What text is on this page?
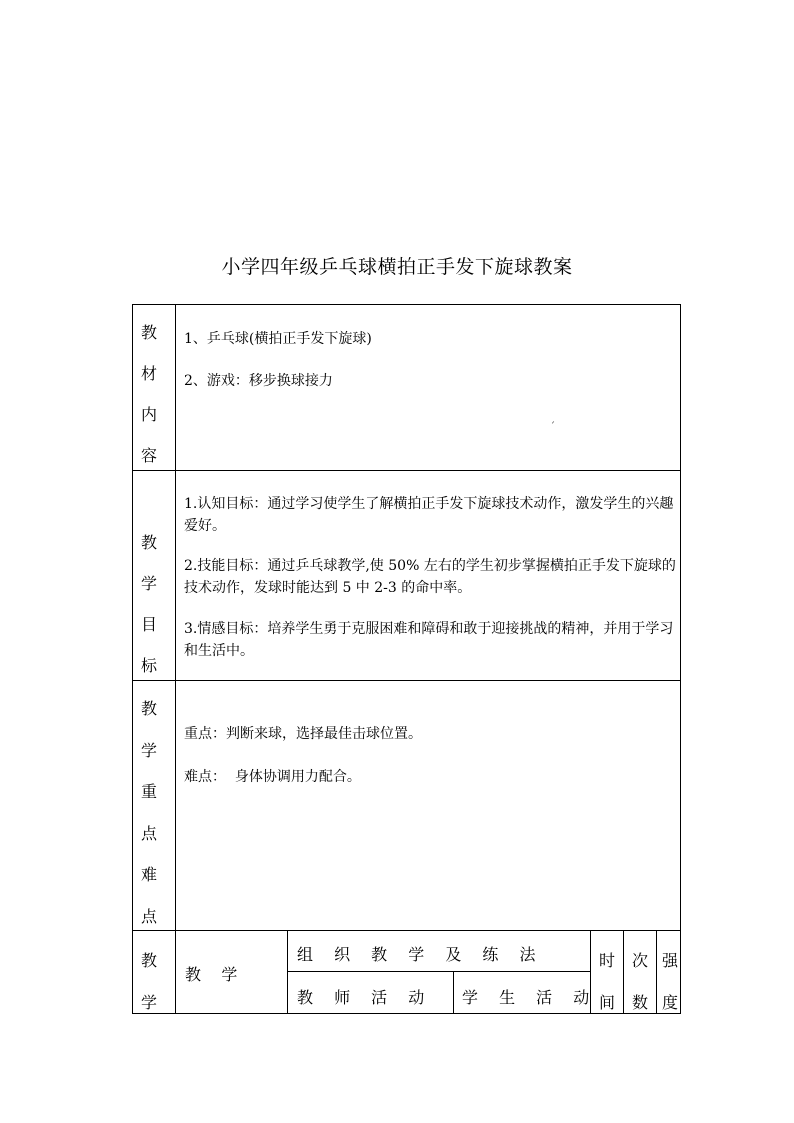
小学四年级乒乓球横拍正手发下旋球教案
教
材
内
容
1、乒乓球(横拍正手发下旋球)
2、游戏：移步换球接力
ˊ
教
学
目
标
1.认知目标：通过学习使学生了解横拍正手发下旋球技术动作，激发学生的兴趣爱好。
2.技能目标：通过乒乓球教学,使 50% 左右的学生初步掌握横拍正手发下旋球的技术动作，发球时能达到 5 中 2-3 的命中率。
3.情感目标：培养学生勇于克服困难和障碍和敢于迎接挑战的精神，并用于学习和生活中。
教
学
重
点
难
点
重点：判断来球，选择最佳击球位置。
难点：  身体协调用力配合。
教
学
教    学
组 织 教 学 及 练 法
教 师 活 动 学 生 活 动
时
间
次
数
强
度
